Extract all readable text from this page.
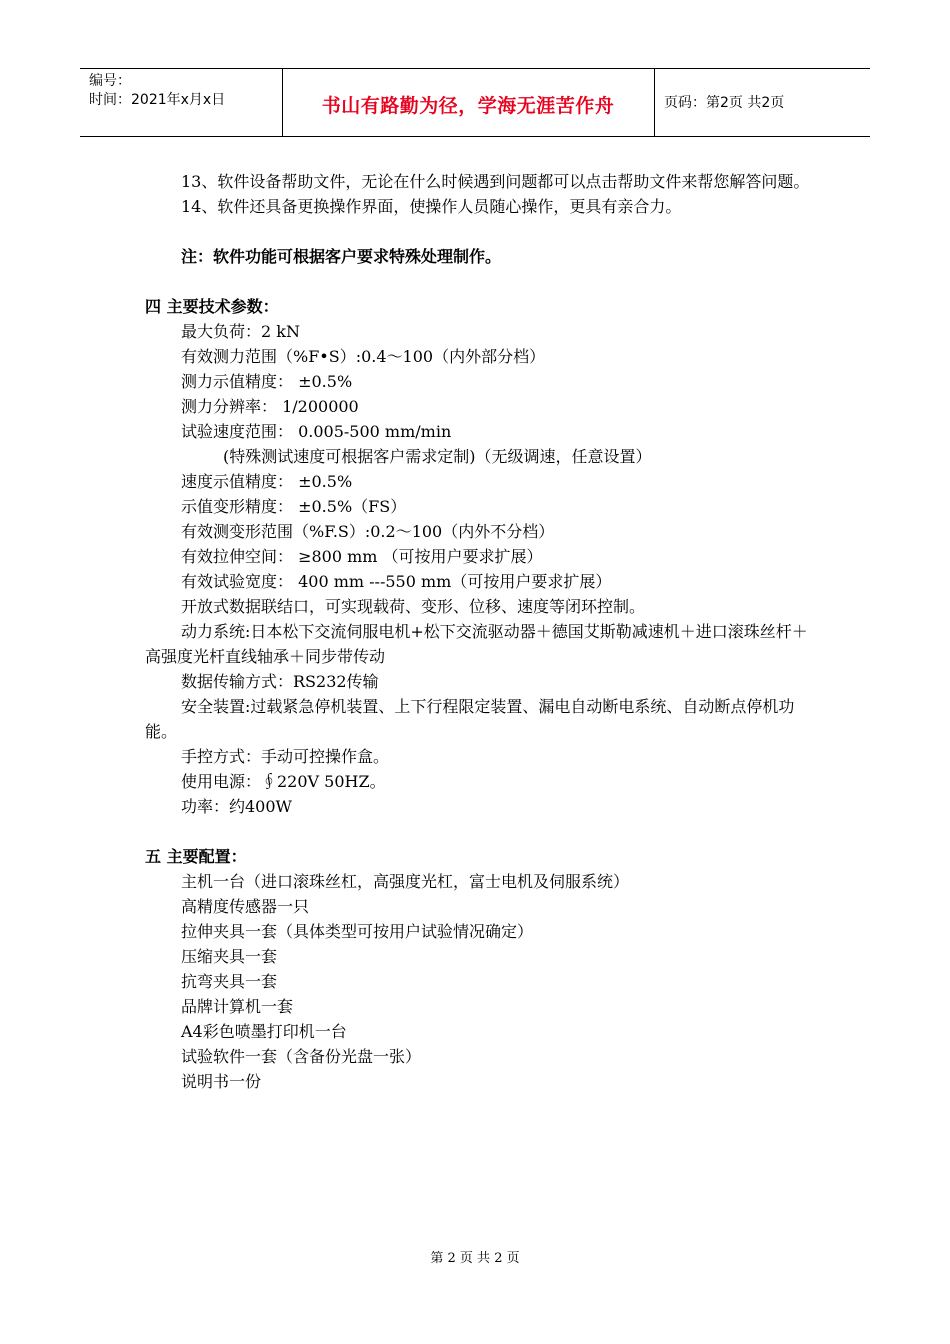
编号：
时间：2021年x月x日	书山有路勤为径，学海无涯苦作舟	页码：第2页 共2页

13、软件设备帮助文件，无论在什么时候遇到问题都可以点击帮助文件来帮您解答问题。

14、软件还具备更换操作界面，使操作人员随心操作，更具有亲合力。

注：软件功能可根据客户要求特殊处理制作。

四 主要技术参数：

最大负荷：2 kN

有效测力范围（%F•S）:0.4～100（内外部分档）

测力示值精度： ±0.5%

测力分辨率： 1/200000

试验速度范围： 0.005-500 mm/min

(特殊测试速度可根据客户需求定制)（无级调速，任意设置）

速度示值精度： ±0.5%

示值变形精度： ±0.5%（FS）

有效测变形范围（%F.S）:0.2～100（内外不分档）

有效拉伸空间： ≥800 mm （可按用户要求扩展）

有效试验宽度： 400 mm ---550 mm（可按用户要求扩展）

开放式数据联结口，可实现载荷、变形、位移、速度等闭环控制。

动力系统:日本松下交流伺服电机+松下交流驱动器＋德国艾斯勒减速机＋进口滚珠丝杆＋高强度光杆直线轴承＋同步带传动

数据传输方式：RS232传输

安全装置:过载紧急停机装置、上下行程限定装置、漏电自动断电系统、自动断点停机功能。

手控方式：手动可控操作盒。

使用电源：∮220V 50HZ。

功率：约400W

五 主要配置：

主机一台（进口滚珠丝杠，高强度光杠，富士电机及伺服系统）

高精度传感器一只

拉伸夹具一套（具体类型可按用户试验情况确定）

压缩夹具一套

抗弯夹具一套

品牌计算机一套

A4彩色喷墨打印机一台

试验软件一套（含备份光盘一张）

说明书一份

第 2 页 共 2 页
